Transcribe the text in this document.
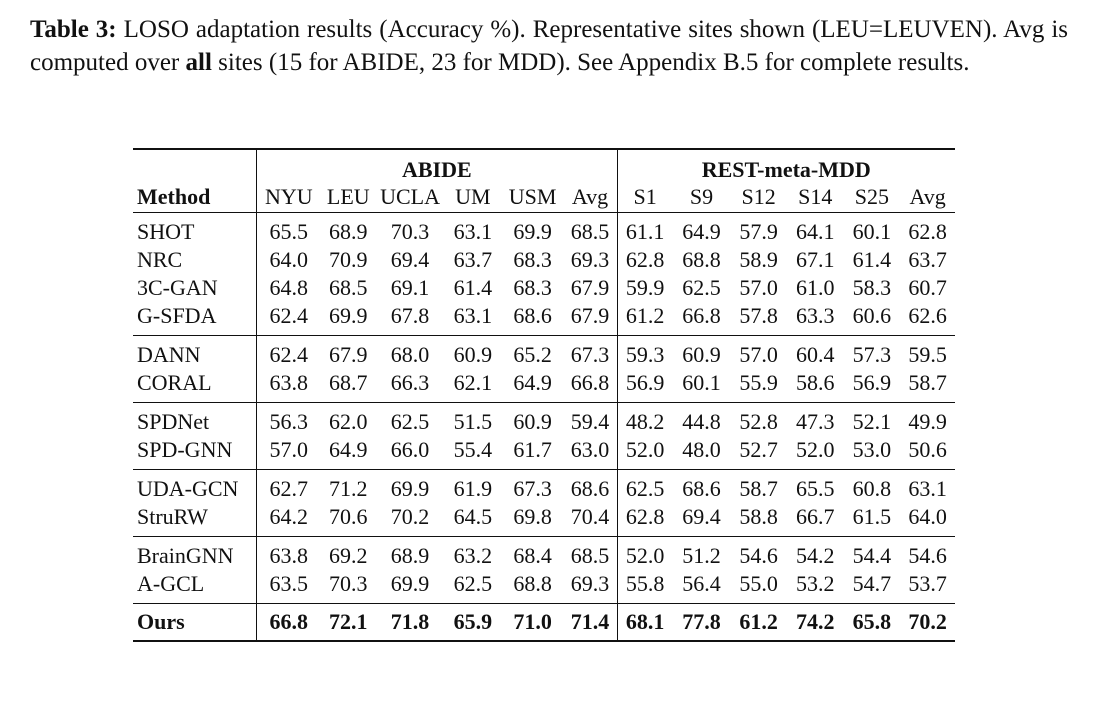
Table 3: LOSO adaptation results (Accuracy %). Representative sites shown (LEU=LEUVEN). Avg is computed over all sites (15 for ABIDE, 23 for MDD). See Appendix B.5 for complete results.

	ABIDE						REST-meta-MDD					
Method	NYU	LEU	UCLA	UM	USM	Avg	S1	S9	S12	S14	S25	Avg
SHOT	65.5	68.9	70.3	63.1	69.9	68.5	61.1	64.9	57.9	64.1	60.1	62.8
NRC	64.0	70.9	69.4	63.7	68.3	69.3	62.8	68.8	58.9	67.1	61.4	63.7
3C-GAN	64.8	68.5	69.1	61.4	68.3	67.9	59.9	62.5	57.0	61.0	58.3	60.7
G-SFDA	62.4	69.9	67.8	63.1	68.6	67.9	61.2	66.8	57.8	63.3	60.6	62.6
DANN	62.4	67.9	68.0	60.9	65.2	67.3	59.3	60.9	57.0	60.4	57.3	59.5
CORAL	63.8	68.7	66.3	62.1	64.9	66.8	56.9	60.1	55.9	58.6	56.9	58.7
SPDNet	56.3	62.0	62.5	51.5	60.9	59.4	48.2	44.8	52.8	47.3	52.1	49.9
SPD-GNN	57.0	64.9	66.0	55.4	61.7	63.0	52.0	48.0	52.7	52.0	53.0	50.6
UDA-GCN	62.7	71.2	69.9	61.9	67.3	68.6	62.5	68.6	58.7	65.5	60.8	63.1
StruRW	64.2	70.6	70.2	64.5	69.8	70.4	62.8	69.4	58.8	66.7	61.5	64.0
BrainGNN	63.8	69.2	68.9	63.2	68.4	68.5	52.0	51.2	54.6	54.2	54.4	54.6
A-GCL	63.5	70.3	69.9	62.5	68.8	69.3	55.8	56.4	55.0	53.2	54.7	53.7
Ours	66.8	72.1	71.8	65.9	71.0	71.4	68.1	77.8	61.2	74.2	65.8	70.2
